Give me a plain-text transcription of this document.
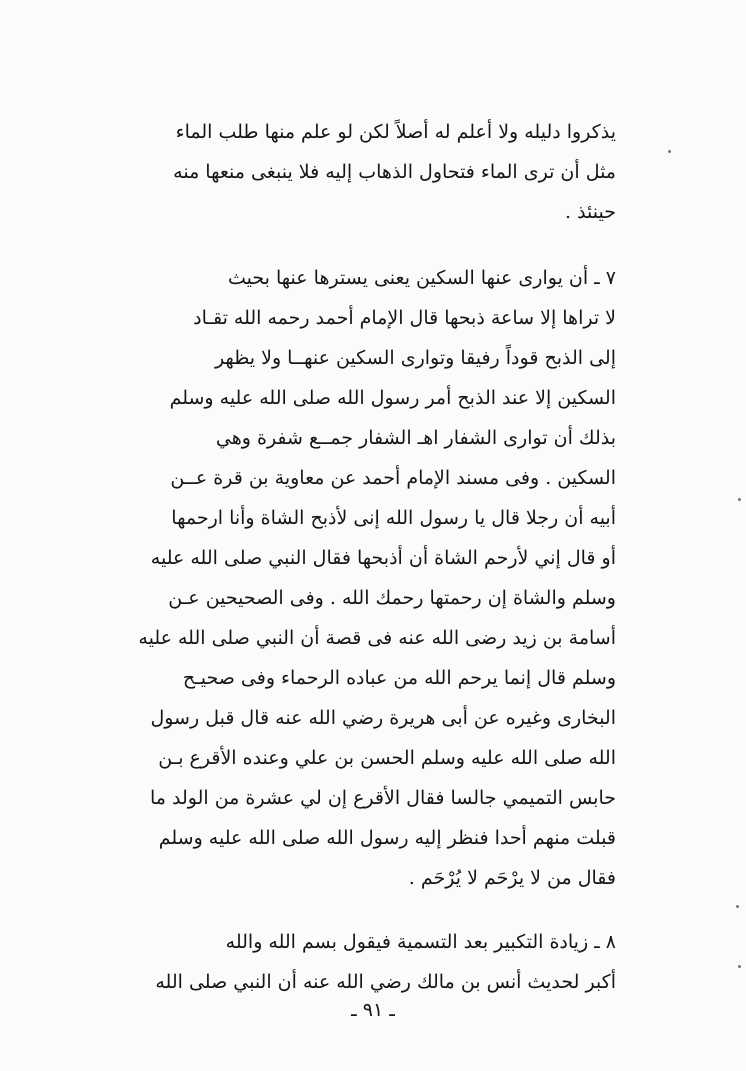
يذكروا دليله ولا أعلم له أصلاً لكن لو علم منها طلب الماء
مثل أن ترى الماء فتحاول الذهاب إليه فلا ينبغى منعها منه
حينئذ .
٧ ـ أن يوارى عنها السكين يعنى يسترها عنها بحيث
لا تراها إلا ساعة ذبحها قال الإمام أحمد رحمه الله تقـاد
إلى الذبح قوداً رفيقا وتوارى السكين عنهــا ولا يظهر
السكين إلا عند الذبح أمر رسول الله صلى الله عليه وسلم
بذلك أن توارى الشفار اهـ الشفار جمــع شفرة وهي
السكين . وفى مسند الإمام أحمد عن معاوية بن قرة عــن
أبيه أن رجلا قال يا رسول الله إنى لأذبح الشاة وأنا ارحمها
أو قال إني لأرحم الشاة أن أذبحها فقال النبي صلى الله عليه
وسلم والشاة إن رحمتها رحمك الله . وفى الصحيحين عـن
أسامة بن زيد رضى الله عنه فى قصة أن النبي صلى الله عليه
وسلم قال إنما يرحم الله من عباده الرحماء وفى صحيـح
البخارى وغيره عن أبى هريرة رضي الله عنه قال قبل رسول
الله صلى الله عليه وسلم الحسن بن علي وعنده الأقرع بـن
حابس التميمي جالسا فقال الأقرع إن لي عشرة من الولد ما
قبلت منهم أحدا فنظر إليه رسول الله صلى الله عليه وسلم
فقال من لا يرْحَم لا يُرْحَم .
٨ ـ زيادة التكبير بعد التسمية فيقول بسم الله والله
أكبر لحديث أنس بن مالك رضي الله عنه أن النبي صلى الله
ـ ٩١ ـ
